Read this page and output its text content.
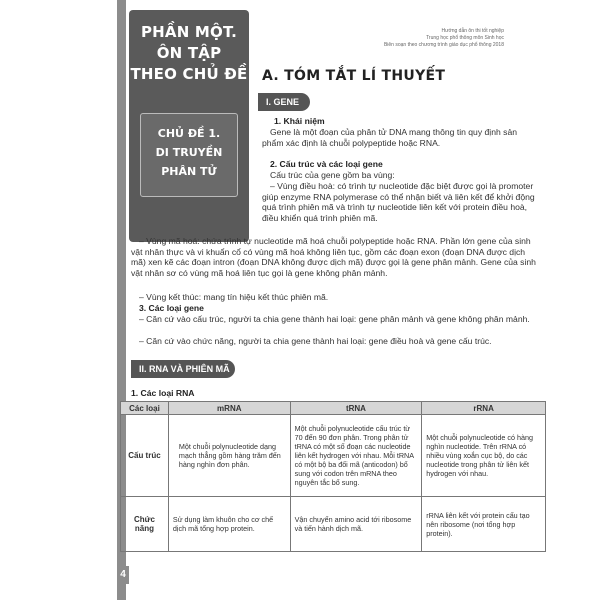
4
PHẦN MỘT.
ÔN TẬP
THEO CHỦ ĐỀ
CHỦ ĐỀ 1.
DI TRUYỀN
PHÂN TỬ
Hướng dẫn ôn thi tốt nghiệp
Trung học phổ thông môn Sinh học
Biên soạn theo chương trình giáo dục phổ thông 2018
A. TÓM TẮT LÍ THUYẾT
I. GENE
1. Khái niệm
Gene là một đoạn của phân tử DNA mang thông tin quy định sản phẩm xác định là chuỗi polypeptide hoặc RNA.
2. Cấu trúc và các loại gene
Cấu trúc của gene gồm ba vùng:
– Vùng điều hoà: có trình tự nucleotide đặc biệt được gọi là promoter giúp enzyme RNA polymerase có thể nhận biết và liên kết để khởi động quá trình phiên mã và trình tự nucleotide liên kết với protein điều hoà, điều khiển quá trình phiên mã.
– Vùng mã hoá: chứa trình tự nucleotide mã hoá chuỗi polypeptide hoặc RNA. Phần lớn gene của sinh vật nhân thực và vi khuẩn cổ có vùng mã hoá không liên tục, gồm các đoạn exon (đoạn DNA được dịch mã) xen kẽ các đoạn intron (đoạn DNA không được dịch mã) được gọi là gene phân mảnh. Gene của sinh vật nhân sơ có vùng mã hoá liên tục gọi là gene không phân mảnh.
– Vùng kết thúc: mang tín hiệu kết thúc phiên mã.
3. Các loại gene
– Căn cứ vào cấu trúc, người ta chia gene thành hai loại: gene phân mảnh và gene không phân mảnh.
– Căn cứ vào chức năng, người ta chia gene thành hai loại: gene điều hoà và gene cấu trúc.
II. RNA VÀ PHIÊN MÃ
1. Các loại RNA
Các loại	mRNA	tRNA	rRNA
Cấu trúc	Một chuỗi polynucleotide dạng mạch thẳng gồm hàng trăm đến hàng nghìn đơn phân.	Một chuỗi polynucleotide cấu trúc từ 70 đến 90 đơn phân. Trong phân tử tRNA có một số đoạn các nucleotide liên kết hydrogen với nhau. Mỗi tRNA có một bộ ba đối mã (anticodon) bổ sung với codon trên mRNA theo nguyên tắc bổ sung.	Một chuỗi polynucleotide có hàng nghìn nucleotide. Trên rRNA có nhiều vùng xoắn cục bộ, do các nucleotide trong phân tử liên kết hydrogen với nhau.
Chức năng	Sử dụng làm khuôn cho cơ chế dịch mã tổng hợp protein.	Vận chuyển amino acid tới ribosome và tiến hành dịch mã.	rRNA liên kết với protein cấu tạo nên ribosome (nơi tổng hợp protein).
